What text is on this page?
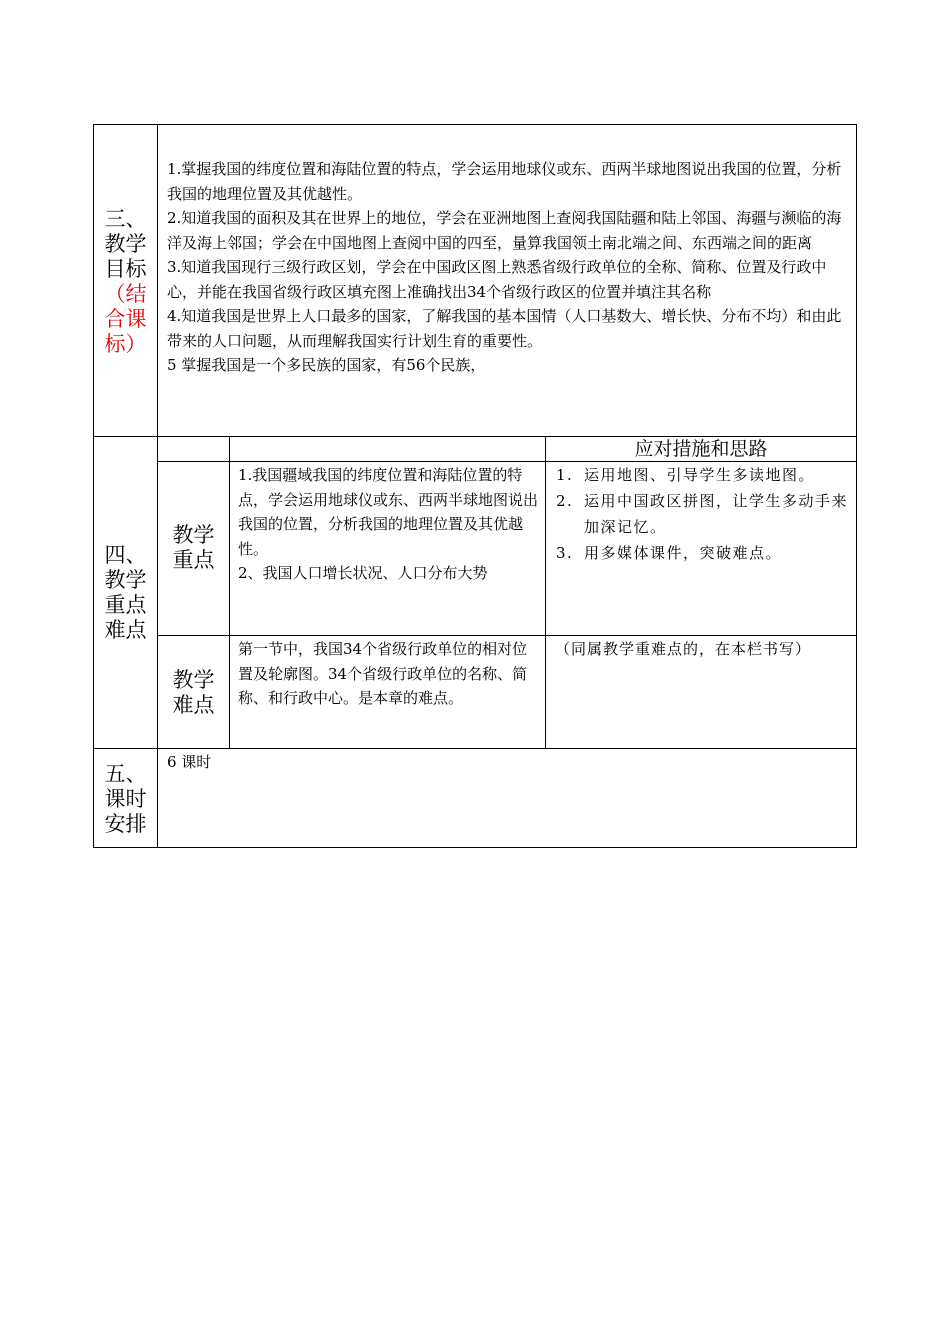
三、
教学
目标
（结
合课
标）

1.掌握我国的纬度位置和海陆位置的特点，学会运用地球仪或东、西两半球地图说出我国的位置，分析我国的地理位置及其优越性。

2.知道我国的面积及其在世界上的地位，学会在亚洲地图上查阅我国陆疆和陆上邻国、海疆与濒临的海洋及海上邻国；学会在中国地图上查阅中国的四至，量算我国领土南北端之间、东西端之间的距离

3.知道我国现行三级行政区划，学会在中国政区图上熟悉省级行政单位的全称、简称、位置及行政中心，并能在我国省级行政区填充图上准确找出34个省级行政区的位置并填注其名称

4.知道我国是世界上人口最多的国家，了解我国的基本国情（人口基数大、增长快、分布不均）和由此带来的人口问题，从而理解我国实行计划生育的重要性。

5 掌握我国是一个多民族的国家，有56个民族，

四、
教学
重点
难点
应对措施和思路
教学
重点

1.我国疆域我国的纬度位置和海陆位置的特点，学会运用地球仪或东、西两半球地图说出我国的位置，分析我国的地理位置及其优越性。

2、我国人口增长状况、人口分布大势

1. 运用地图、引导学生多读地图。
2. 运用中国政区拼图，让学生多动手来加深记忆。
3. 用多媒体课件，突破难点。
教学
难点
第一节中，我国34个省级行政单位的相对位置及轮廓图。34个省级行政单位的名称、简称、和行政中心。是本章的难点。
（同属教学重难点的，在本栏书写）
五、
课时
安排
6 课时
